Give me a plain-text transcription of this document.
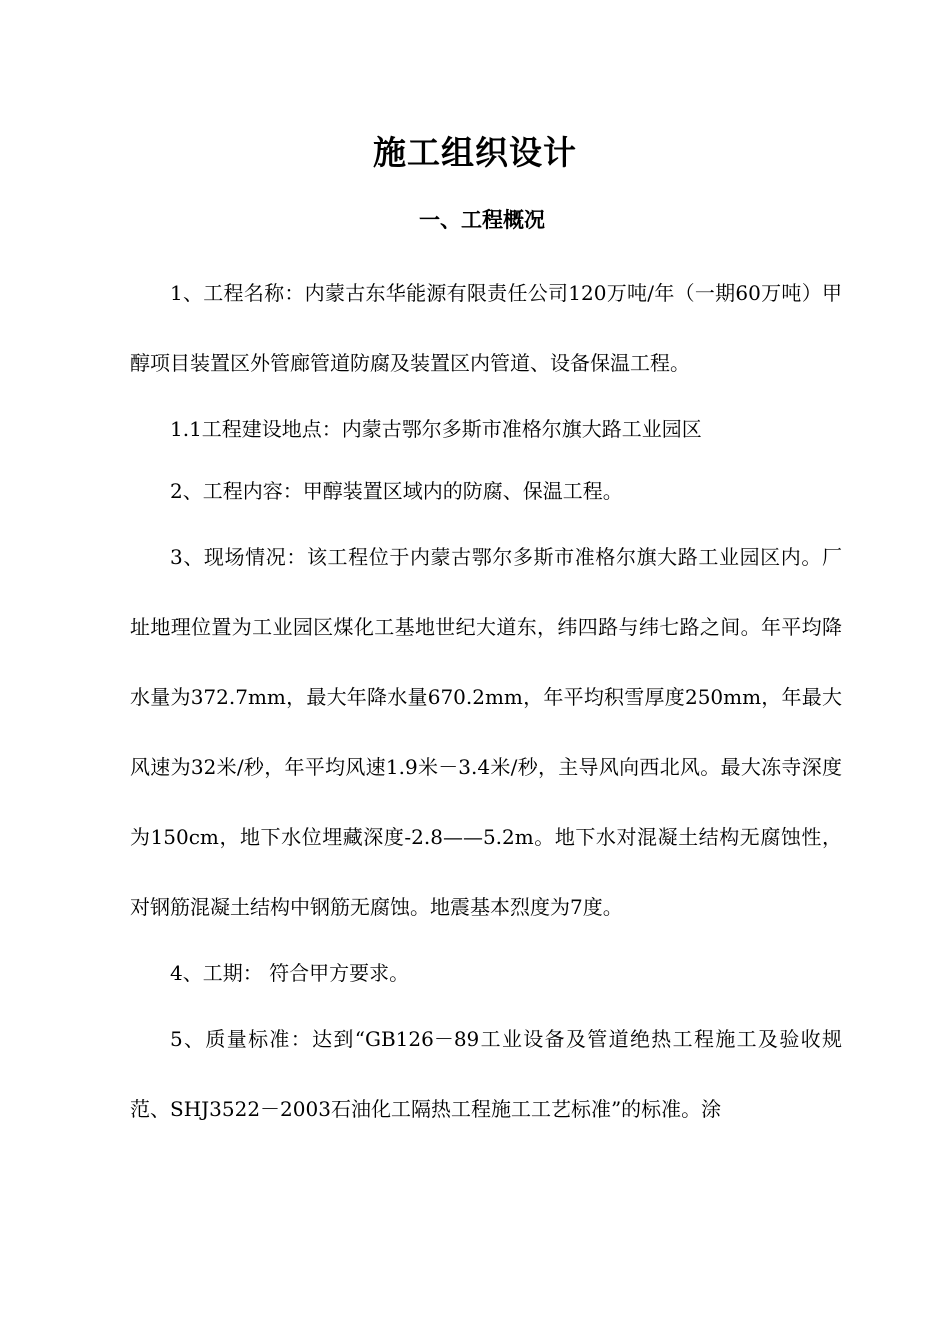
施工组织设计
一、工程概况

1、工程名称：内蒙古东华能源有限责任公司120万吨/年（一期60万吨）甲醇项目装置区外管廊管道防腐及装置区内管道、设备保温工程。

1.1工程建设地点：内蒙古鄂尔多斯市准格尔旗大路工业园区

2、工程内容：甲醇装置区域内的防腐、保温工程。

3、现场情况：该工程位于内蒙古鄂尔多斯市准格尔旗大路工业园区内。厂址地理位置为工业园区煤化工基地世纪大道东，纬四路与纬七路之间。年平均降水量为372.7mm，最大年降水量670.2mm，年平均积雪厚度250mm，年最大风速为32米/秒，年平均风速1.9米－3.4米/秒，主导风向西北风。最大冻寺深度为150cm，地下水位埋藏深度-2.8——5.2m。地下水对混凝土结构无腐蚀性，对钢筋混凝土结构中钢筋无腐蚀。地震基本烈度为7度。

4、工期： 符合甲方要求。

5、质量标准：达到“GB126－89工业设备及管道绝热工程施工及验收规范、SHJ3522－2003石油化工隔热工程施工工艺标准”的标准。涂
